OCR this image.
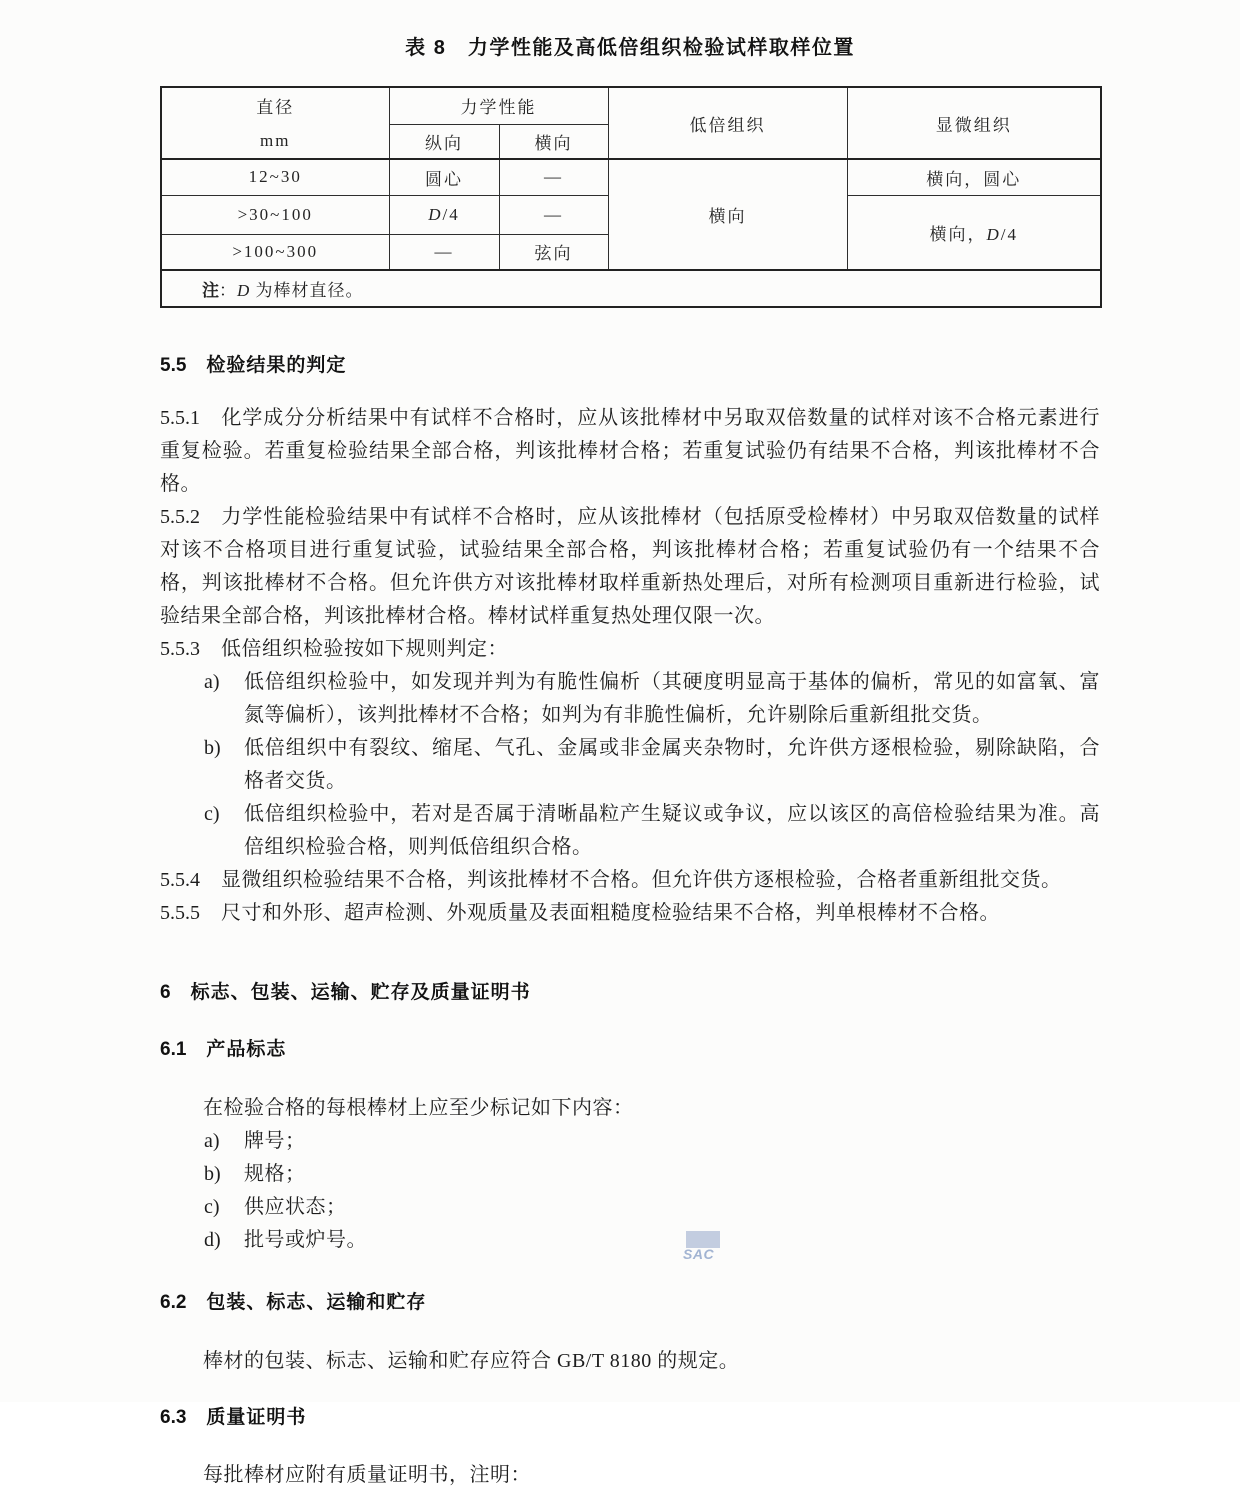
表 8　力学性能及高低倍组织检验试样取样位置
直径
mm	力学性能		低倍组织	显微组织
	纵向	横向		
12~30	圆心	—	横向	横向，圆心
>30~100	D/4	—		横向，D/4
>100~300	—	弦向		
注：D 为棒材直径。				
5.5 检验结果的判定

5.5.1 化学成分分析结果中有试样不合格时，应从该批棒材中另取双倍数量的试样对该不合格元素进行重复检验。若重复检验结果全部合格，判该批棒材合格；若重复试验仍有结果不合格，判该批棒材不合格。

5.5.2 力学性能检验结果中有试样不合格时，应从该批棒材（包括原受检棒材）中另取双倍数量的试样对该不合格项目进行重复试验，试验结果全部合格，判该批棒材合格；若重复试验仍有一个结果不合格，判该批棒材不合格。但允许供方对该批棒材取样重新热处理后，对所有检测项目重新进行检验，试验结果全部合格，判该批棒材合格。棒材试样重复热处理仅限一次。

5.5.3 低倍组织检验按如下规则判定：

a) 低倍组织检验中，如发现并判为有脆性偏析（其硬度明显高于基体的偏析，常见的如富氧、富氮等偏析），该判批棒材不合格；如判为有非脆性偏析，允许剔除后重新组批交货。
b) 低倍组织中有裂纹、缩尾、气孔、金属或非金属夹杂物时，允许供方逐根检验，剔除缺陷，合格者交货。
c) 低倍组织检验中，若对是否属于清晰晶粒产生疑议或争议，应以该区的高倍检验结果为准。高倍组织检验合格，则判低倍组织合格。

5.5.4 显微组织检验结果不合格，判该批棒材不合格。但允许供方逐根检验，合格者重新组批交货。

5.5.5 尺寸和外形、超声检测、外观质量及表面粗糙度检验结果不合格，判单根棒材不合格。

6 标志、包装、运输、贮存及质量证明书
6.1 产品标志

在检验合格的每根棒材上应至少标记如下内容：

a) 牌号；
b) 规格；
c) 供应状态；
d) 批号或炉号。
6.2 包装、标志、运输和贮存

棒材的包装、标志、运输和贮存应符合 GB/T 8180 的规定。

6.3 质量证明书

每批棒材应附有质量证明书，注明：

SAC
